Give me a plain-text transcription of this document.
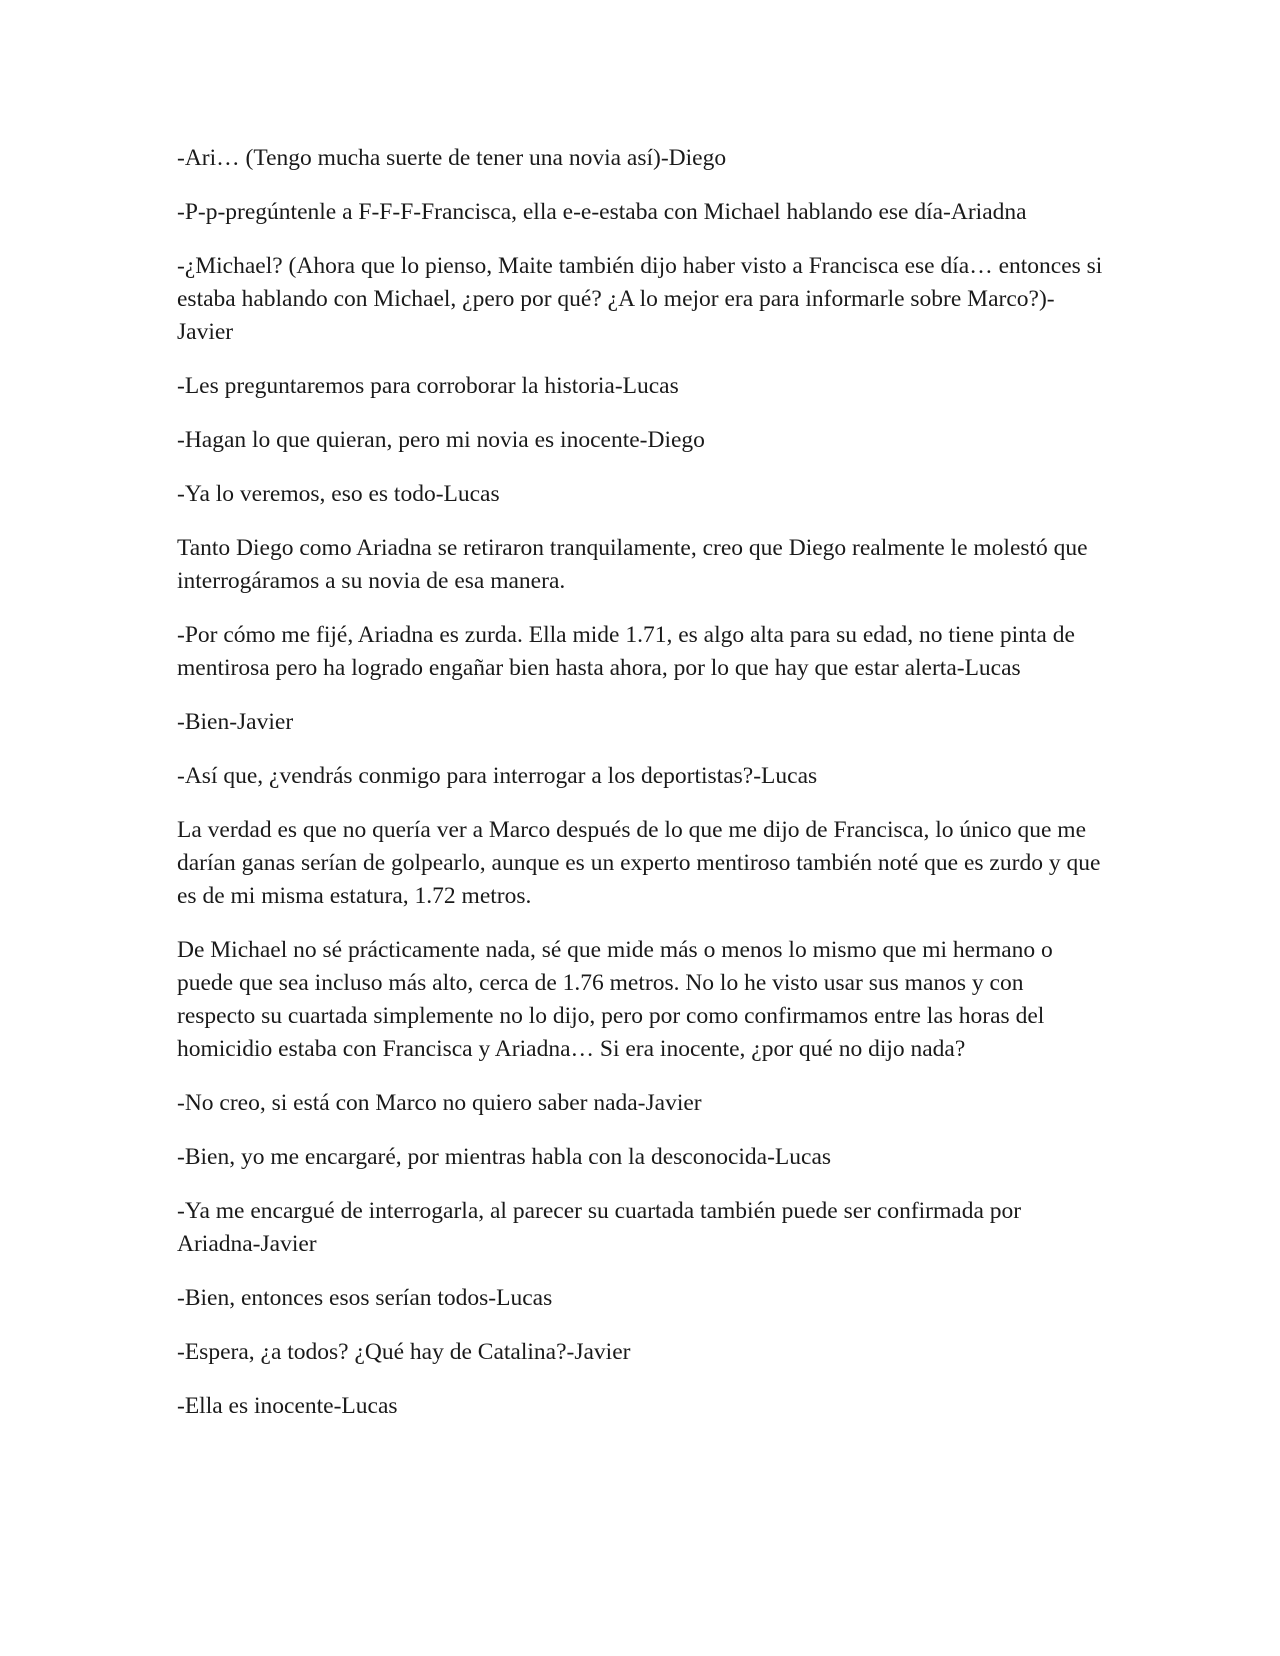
-Ari… (Tengo mucha suerte de tener una novia así)-Diego

-P-p-pregúntenle a F-F-F-Francisca, ella e-e-estaba con Michael hablando ese día-Ariadna

-¿Michael? (Ahora que lo pienso, Maite también dijo haber visto a Francisca ese día… entonces si estaba hablando con Michael, ¿pero por qué? ¿A lo mejor era para informarle sobre Marco?)-Javier

-Les preguntaremos para corroborar la historia-Lucas

-Hagan lo que quieran, pero mi novia es inocente-Diego

-Ya lo veremos, eso es todo-Lucas

Tanto Diego como Ariadna se retiraron tranquilamente, creo que Diego realmente le molestó que interrogáramos a su novia de esa manera.

-Por cómo me fijé, Ariadna es zurda. Ella mide 1.71, es algo alta para su edad, no tiene pinta de mentirosa pero ha logrado engañar bien hasta ahora, por lo que hay que estar alerta-Lucas

-Bien-Javier

-Así que, ¿vendrás conmigo para interrogar a los deportistas?-Lucas

La verdad es que no quería ver a Marco después de lo que me dijo de Francisca, lo único que me darían ganas serían de golpearlo, aunque es un experto mentiroso también noté que es zurdo y que es de mi misma estatura, 1.72 metros.

De Michael no sé prácticamente nada, sé que mide más o menos lo mismo que mi hermano o puede que sea incluso más alto, cerca de 1.76 metros. No lo he visto usar sus manos y con respecto su cuartada simplemente no lo dijo, pero por como confirmamos entre las horas del homicidio estaba con Francisca y Ariadna… Si era inocente, ¿por qué no dijo nada?

-No creo, si está con Marco no quiero saber nada-Javier

-Bien, yo me encargaré, por mientras habla con la desconocida-Lucas

-Ya me encargué de interrogarla, al parecer su cuartada también puede ser confirmada por Ariadna-Javier

-Bien, entonces esos serían todos-Lucas

-Espera, ¿a todos? ¿Qué hay de Catalina?-Javier

-Ella es inocente-Lucas
